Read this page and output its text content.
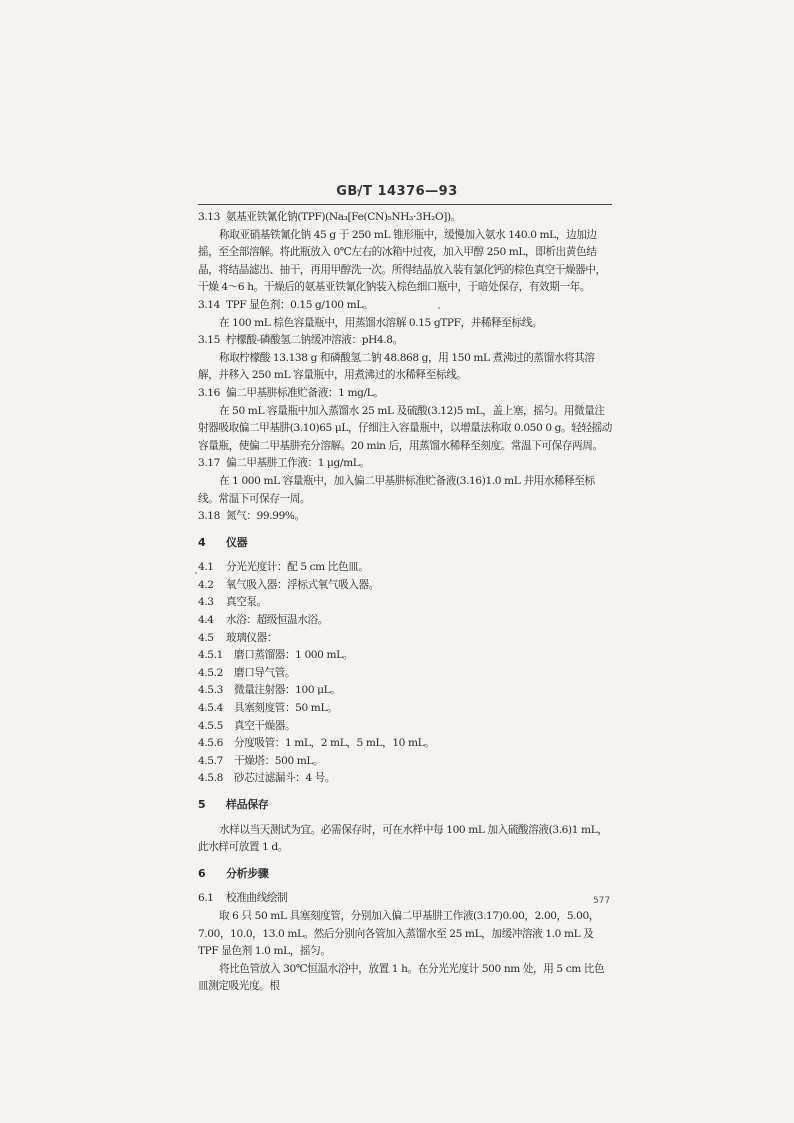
GB/T 14376—93

3.13 氨基亚铁氰化钠(TPF)(Na₃[Fe(CN)₅NH₃·3H₂O])。

称取亚硝基铁氰化钠 45 g 于 250 mL 锥形瓶中，缓慢加入氨水 140.0 mL，边加边摇，至全部溶解。将此瓶放入 0℃左右的冰箱中过夜，加入甲醇 250 mL，即析出黄色结晶，将结晶滤出、抽干，再用甲醇洗一次。所得结晶放入装有氯化钙的棕色真空干燥器中，干燥 4～6 h。干燥后的氨基亚铁氰化钠装入棕色细口瓶中，于暗处保存，有效期一年。

3.14 TPF 显色剂：0.15 g/100 mL。

在 100 mL 棕色容量瓶中，用蒸馏水溶解 0.15 gTPF，并稀释至标线。

3.15 柠檬酸-磷酸氢二钠缓冲溶液：pH4.8。

称取柠檬酸 13.138 g 和磷酸氢二钠 48.868 g，用 150 mL 煮沸过的蒸馏水将其溶解，并移入 250 mL 容量瓶中，用煮沸过的水稀释至标线。

3.16 偏二甲基肼标准贮备液：1 mg/L。

在 50 mL 容量瓶中加入蒸馏水 25 mL 及硫酸(3.12)5 mL，盖上塞，摇匀。用微量注射器吸取偏二甲基肼(3.10)65 μL，仔细注入容量瓶中，以增量法称取 0.050 0 g。轻轻摇动容量瓶，使偏二甲基肼充分溶解。20 min 后，用蒸馏水稀释至刻度。常温下可保存两周。

3.17 偏二甲基肼工作液：1 μg/mL。

在 1 000 mL 容量瓶中，加入偏二甲基肼标准贮备液(3.16)1.0 mL 并用水稀释至标线。常温下可保存一周。

3.18 氮气：99.99%。

4 仪器

4.1 分光光度计：配 5 cm 比色皿。

4.2 氧气吸入器：浮标式氧气吸入器。

4.3 真空泵。

4.4 水浴：超级恒温水浴。

4.5 玻璃仪器：

4.5.1 磨口蒸馏器：1 000 mL。

4.5.2 磨口导气管。

4.5.3 微量注射器：100 μL。

4.5.4 具塞刻度管：50 mL。

4.5.5 真空干燥器。

4.5.6 分度吸管：1 mL，2 mL，5 mL，10 mL。

4.5.7 干燥塔：500 mL。

4.5.8 砂芯过滤漏斗：4 号。

5 样品保存

水样以当天测试为宜。必需保存时，可在水样中每 100 mL 加入硫酸溶液(3.6)1 mL，此水样可放置 1 d。

6 分析步骤

6.1 校准曲线绘制

取 6 只 50 mL 具塞刻度管，分别加入偏二甲基肼工作液(3.17)0.00，2.00，5.00，7.00，10.0，13.0 mL。然后分别向各管加入蒸馏水至 25 mL，加缓冲溶液 1.0 mL 及 TPF 显色剂 1.0 mL，摇匀。

将比色管放入 30℃恒温水浴中，放置 1 h。在分光光度计 500 nm 处，用 5 cm 比色皿测定吸光度。根

577
